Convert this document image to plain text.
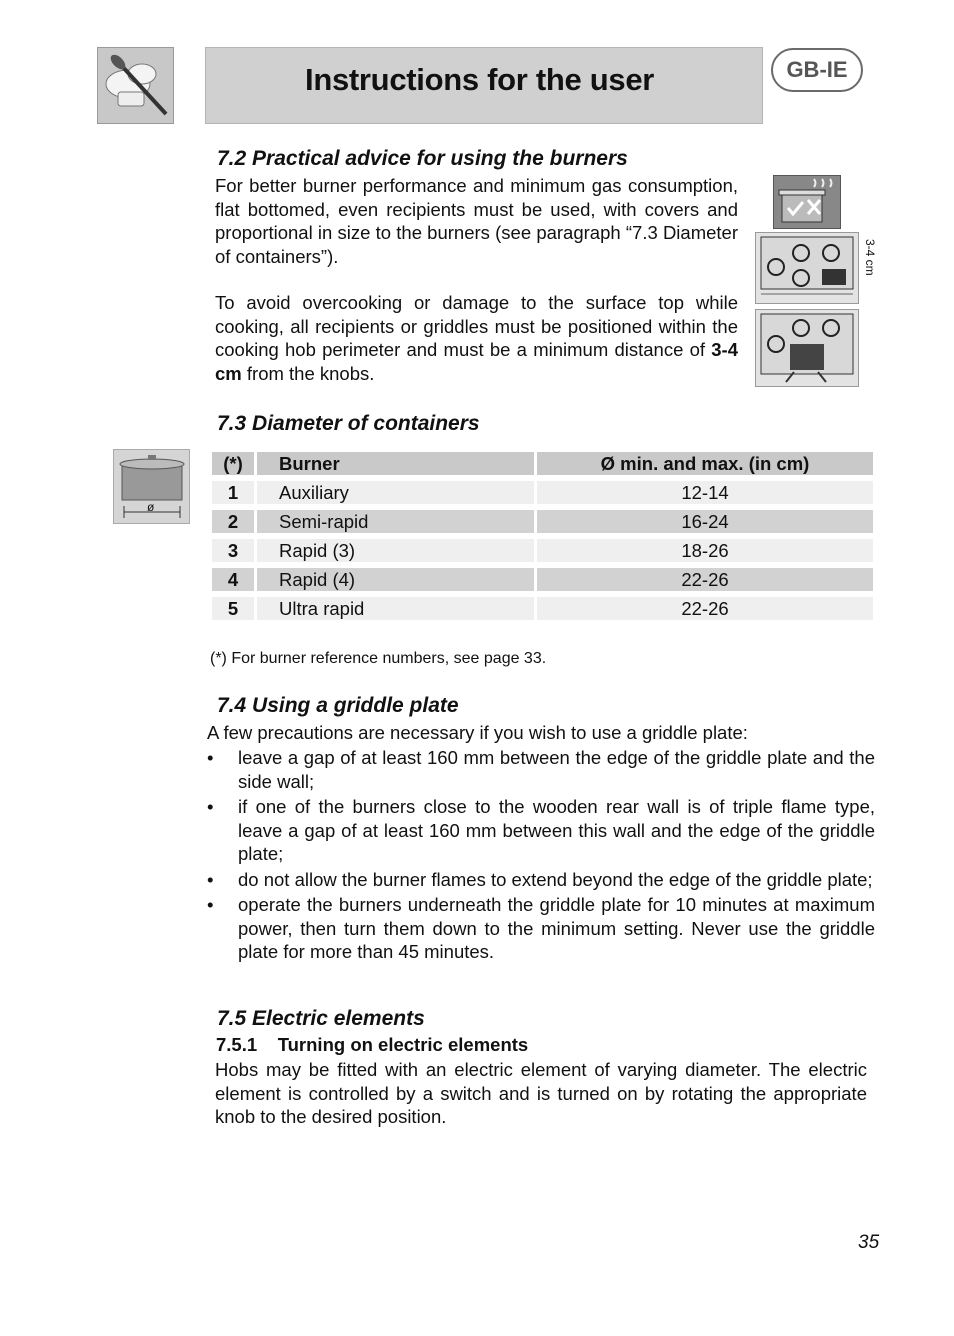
Instructions for the user	GB-IE
7.2 Practical advice for using the burners

For better burner performance and minimum gas consumption, flat bottomed, even recipients must be used, with covers and proportional in size to the burners (see paragraph “7.3 Diameter of containers”).

To avoid overcooking or damage to the surface top while cooking, all recipients or griddles must be positioned within the cooking hob perimeter and must be a minimum distance of 3-4 cm from the knobs.

3-4 cm
7.3 Diameter of containers
ø
(*)	Burner	Ø min. and max. (in cm)
1	Auxiliary	12-14
2	Semi-rapid	16-24
3	Rapid (3)	18-26
4	Rapid (4)	22-26
5	Ultra rapid	22-26
(*) For burner reference numbers, see page 33.
7.4 Using a griddle plate

A few precautions are necessary if you wish to use a griddle plate:

• leave a gap of at least 160 mm between the edge of the griddle plate and the side wall;
• if one of the burners close to the wooden rear wall is of triple flame type, leave a gap of at least 160 mm between this wall and the edge of the griddle plate;
• do not allow the burner flames to extend beyond the edge of the griddle plate;
• operate the burners underneath the griddle plate for 10 minutes at maximum power, then turn them down to the minimum setting. Never use the griddle plate for more than 45 minutes.
7.5 Electric elements
7.5.1    Turning on electric elements

Hobs may be fitted with an electric element of varying diameter. The electric element is controlled by a switch and is turned on by rotating the appropriate knob to the desired position.

35
